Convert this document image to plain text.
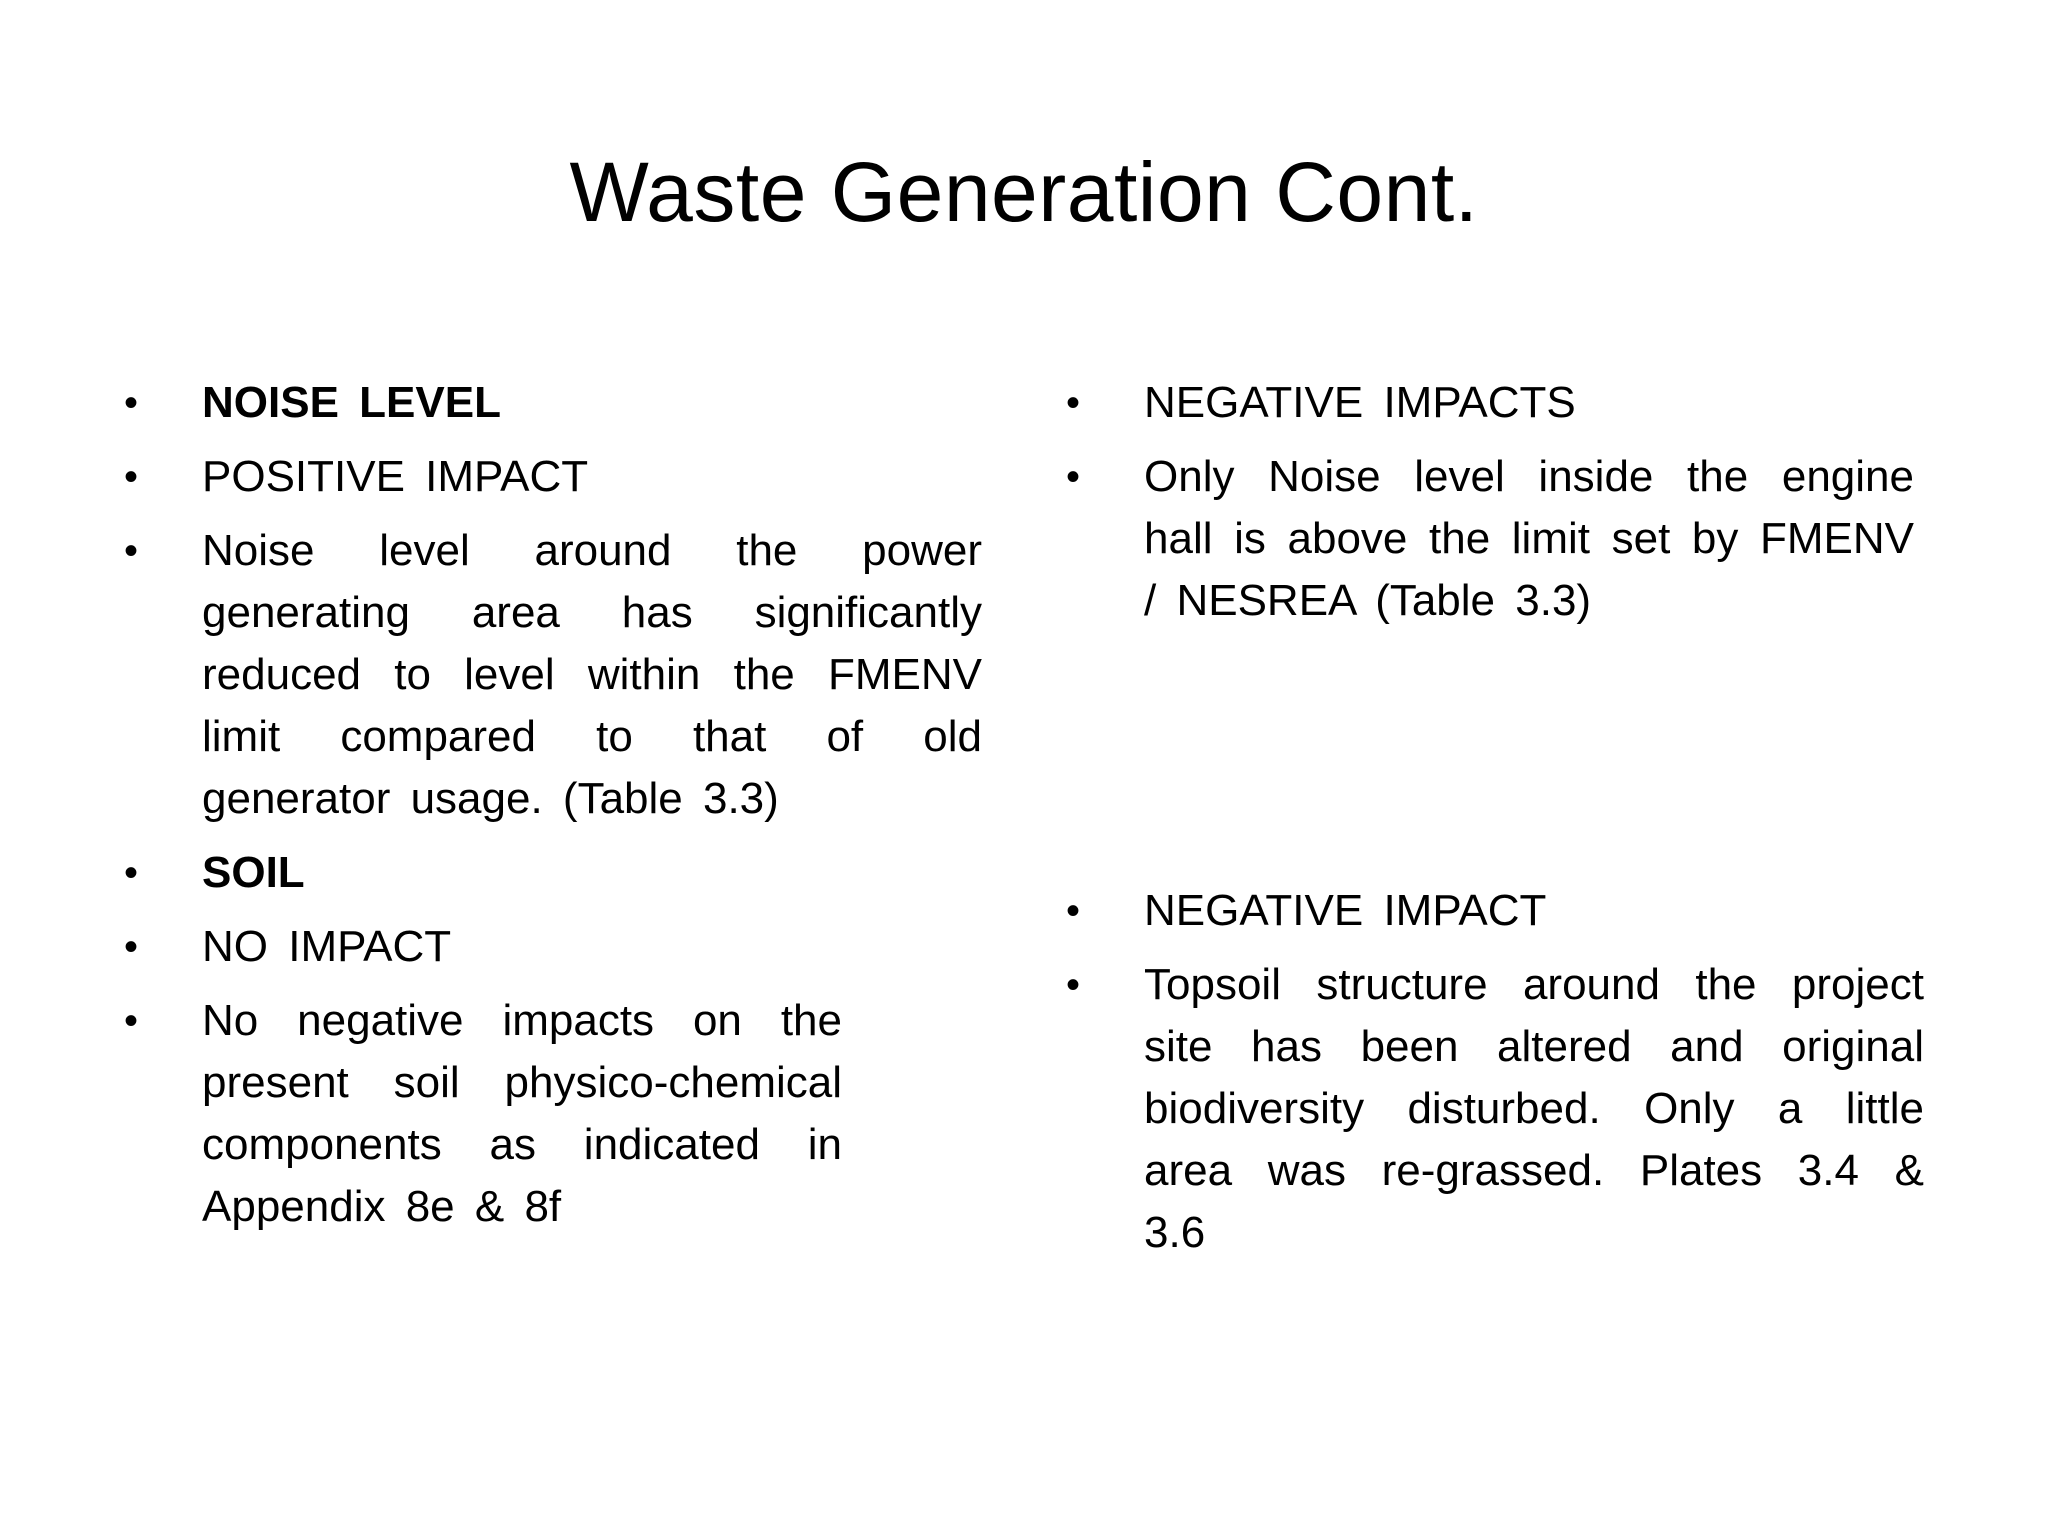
Waste Generation Cont.
• NOISE LEVEL
• POSITIVE IMPACT
• Noise level around the power generating area has significantly reduced to level within the FMENV limit compared to that of old generator usage. (Table 3.3)
• SOIL
• NO IMPACT
• No negative impacts on the present soil physico-chemical components as indicated in Appendix 8e & 8f
• NEGATIVE IMPACTS
• Only Noise level inside the engine hall is above the limit set by FMENV / NESREA (Table 3.3)
• NEGATIVE IMPACT
• Topsoil structure around the project site has been altered and original biodiversity disturbed. Only a little area was re-grassed. Plates 3.4 & 3.6
